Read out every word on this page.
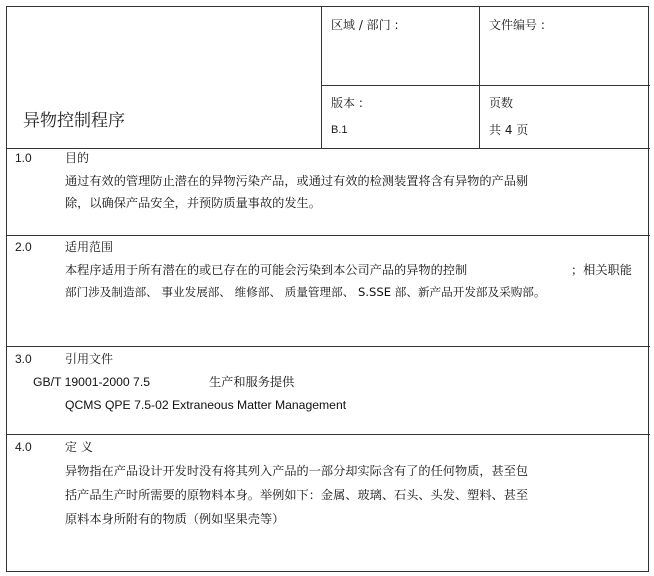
区域 / 部门 :	文件编号 :
异物控制程序
版本 :
B.1
页数
共 4 页
1.0	目的
通过有效的管理防止潜在的异物污染产品，或通过有效的检测装置将含有异物的产品剔
除，以确保产品安全，并预防质量事故的发生。
2.0	适用范围
本程序适用于所有潜在的或已存在的可能会污染到本公司产品的异物的控制	；相关职能
部门涉及制造部、 事业发展部、 维修部、 质量管理部、 S.SSE 部、新产品开发部及采购部。
3.0	引用文件
GB/T 19001-2000 7.5	生产和服务提供
QCMS QPE 7.5-02 Extraneous Matter Management
4.0	定 义
异物指在产品设计开发时没有将其列入产品的一部分却实际含有了的任何物质，甚至包
括产品生产时所需要的原物料本身。举例如下：金属、玻璃、石头、头发、塑料、甚至
原料本身所附有的物质（例如坚果壳等）
